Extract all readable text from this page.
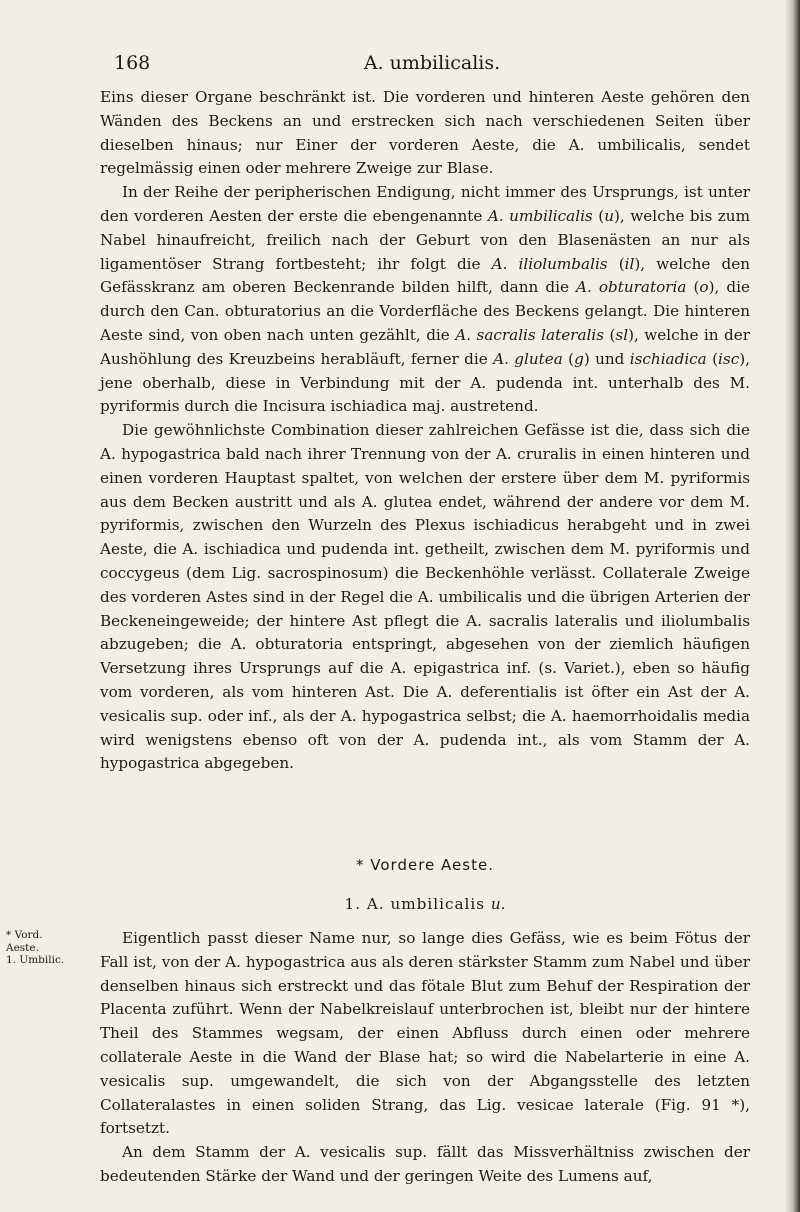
168	A. umbilicalis.

Eins dieser Organe beschränkt ist. Die vorderen und hinteren Aeste gehören den Wänden des Beckens an und erstrecken sich nach verschiedenen Seiten über dieselben hinaus; nur Einer der vorderen Aeste, die A. umbilicalis, sendet regelmässig einen oder mehrere Zweige zur Blase.

In der Reihe der peripherischen Endigung, nicht immer des Ursprungs, ist unter den vorderen Aesten der erste die ebengenannte A. umbilicalis (u), welche bis zum Nabel hinaufreicht, freilich nach der Geburt von den Blasenästen an nur als ligamentöser Strang fortbesteht; ihr folgt die A. iliolumbalis (il), welche den Gefässkranz am oberen Beckenrande bilden hilft, dann die A. obturatoria (o), die durch den Can. obturatorius an die Vorderfläche des Beckens gelangt. Die hinteren Aeste sind, von oben nach unten gezählt, die A. sacralis lateralis (sl), welche in der Aushöhlung des Kreuzbeins herabläuft, ferner die A. glutea (g) und ischiadica (isc), jene oberhalb, diese in Verbindung mit der A. pudenda int. unterhalb des M. pyriformis durch die Incisura ischiadica maj. austretend.

Die gewöhnlichste Combination dieser zahlreichen Gefässe ist die, dass sich die A. hypogastrica bald nach ihrer Trennung von der A. cruralis in einen hinteren und einen vorderen Hauptast spaltet, von welchen der erstere über dem M. pyriformis aus dem Becken austritt und als A. glutea endet, während der andere vor dem M. pyriformis, zwischen den Wurzeln des Plexus ischiadicus herabgeht und in zwei Aeste, die A. ischiadica und pudenda int. getheilt, zwischen dem M. pyriformis und coccygeus (dem Lig. sacrospinosum) die Beckenhöhle verlässt. Collaterale Zweige des vorderen Astes sind in der Regel die A. umbilicalis und die übrigen Arterien der Beckeneingeweide; der hintere Ast pflegt die A. sacralis lateralis und iliolumbalis abzugeben; die A. obturatoria entspringt, abgesehen von der ziemlich häufigen Versetzung ihres Ursprungs auf die A. epigastrica inf. (s. Variet.), eben so häufig vom vorderen, als vom hinteren Ast. Die A. deferentialis ist öfter ein Ast der A. vesicalis sup. oder inf., als der A. hypogastrica selbst; die A. haemorrhoidalis media wird wenigstens ebenso oft von der A. pudenda int., als vom Stamm der A. hypogastrica abgegeben.

* Vordere Aeste.
1. A. umbilicalis u.
* Vord.
Aeste.
1. Umbilic.

Eigentlich passt dieser Name nur, so lange dies Gefäss, wie es beim Fötus der Fall ist, von der A. hypogastrica aus als deren stärkster Stamm zum Nabel und über denselben hinaus sich erstreckt und das fötale Blut zum Behuf der Respiration der Placenta zuführt. Wenn der Nabelkreislauf unterbrochen ist, bleibt nur der hintere Theil des Stammes wegsam, der einen Abfluss durch einen oder mehrere collaterale Aeste in die Wand der Blase hat; so wird die Nabelarterie in eine A. vesicalis sup. umgewandelt, die sich von der Abgangsstelle des letzten Collateralastes in einen soliden Strang, das Lig. vesicae laterale (Fig. 91 *), fortsetzt.

An dem Stamm der A. vesicalis sup. fällt das Missverhältniss zwischen der bedeutenden Stärke der Wand und der geringen Weite des Lumens auf,
